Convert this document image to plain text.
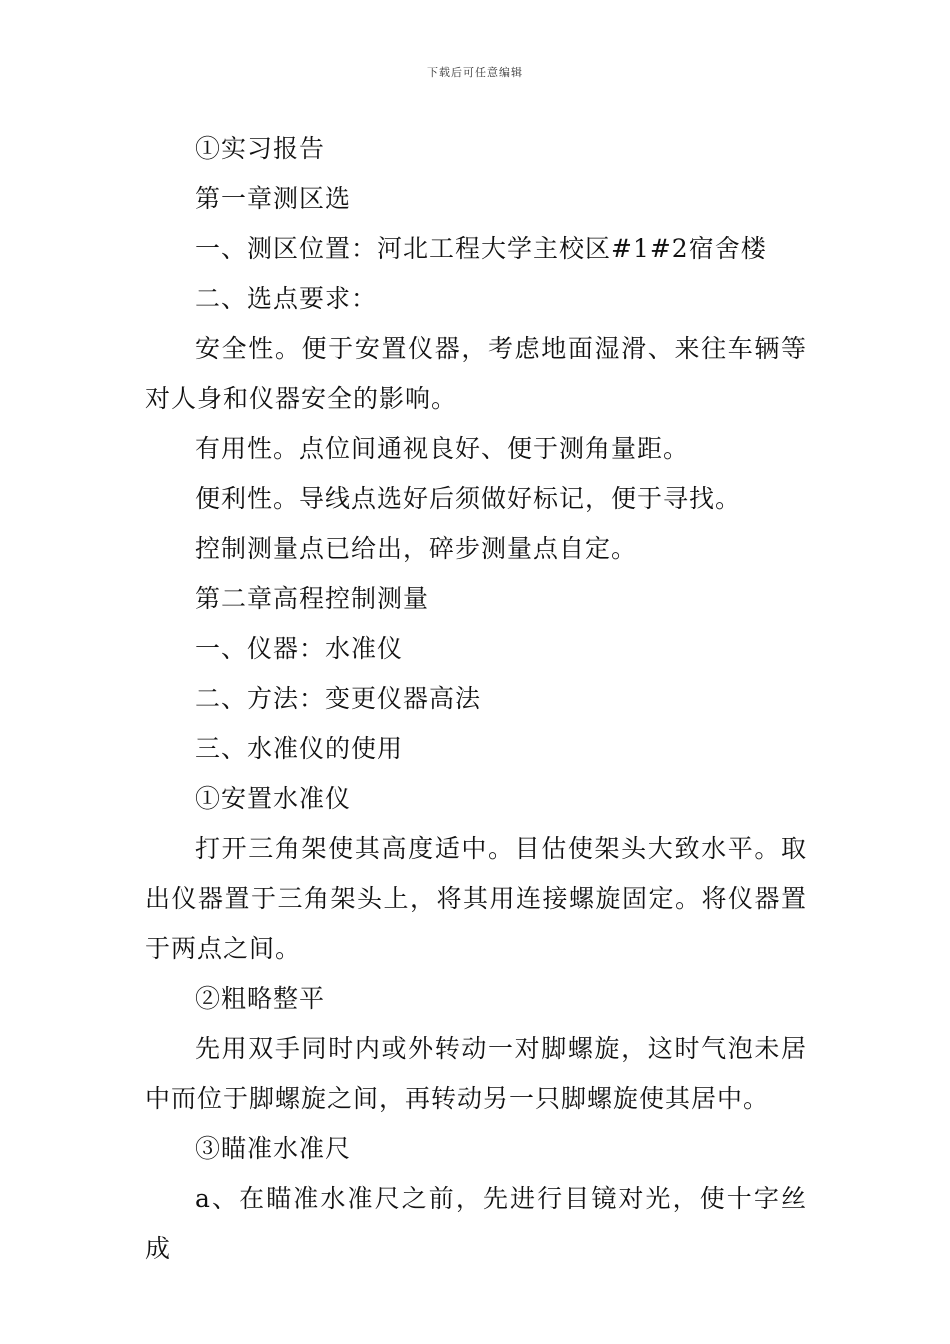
下载后可任意编辑

①实习报告

第一章测区选

一、测区位置：河北工程大学主校区#1#2宿舍楼

二、选点要求：

安全性。便于安置仪器，考虑地面湿滑、来往车辆等对人身和仪器安全的影响。

有用性。点位间通视良好、便于测角量距。

便利性。导线点选好后须做好标记，便于寻找。

控制测量点已给出，碎步测量点自定。

第二章高程控制测量

一、仪器：水准仪

二、方法：变更仪器高法

三、水准仪的使用

①安置水准仪

打开三角架使其高度适中。目估使架头大致水平。取出仪器置于三角架头上，将其用连接螺旋固定。将仪器置于两点之间。

②粗略整平

先用双手同时内或外转动一对脚螺旋，这时气泡未居中而位于脚螺旋之间，再转动另一只脚螺旋使其居中。

③瞄准水准尺

a、在瞄准水准尺之前，先进行目镜对光，使十字丝成
